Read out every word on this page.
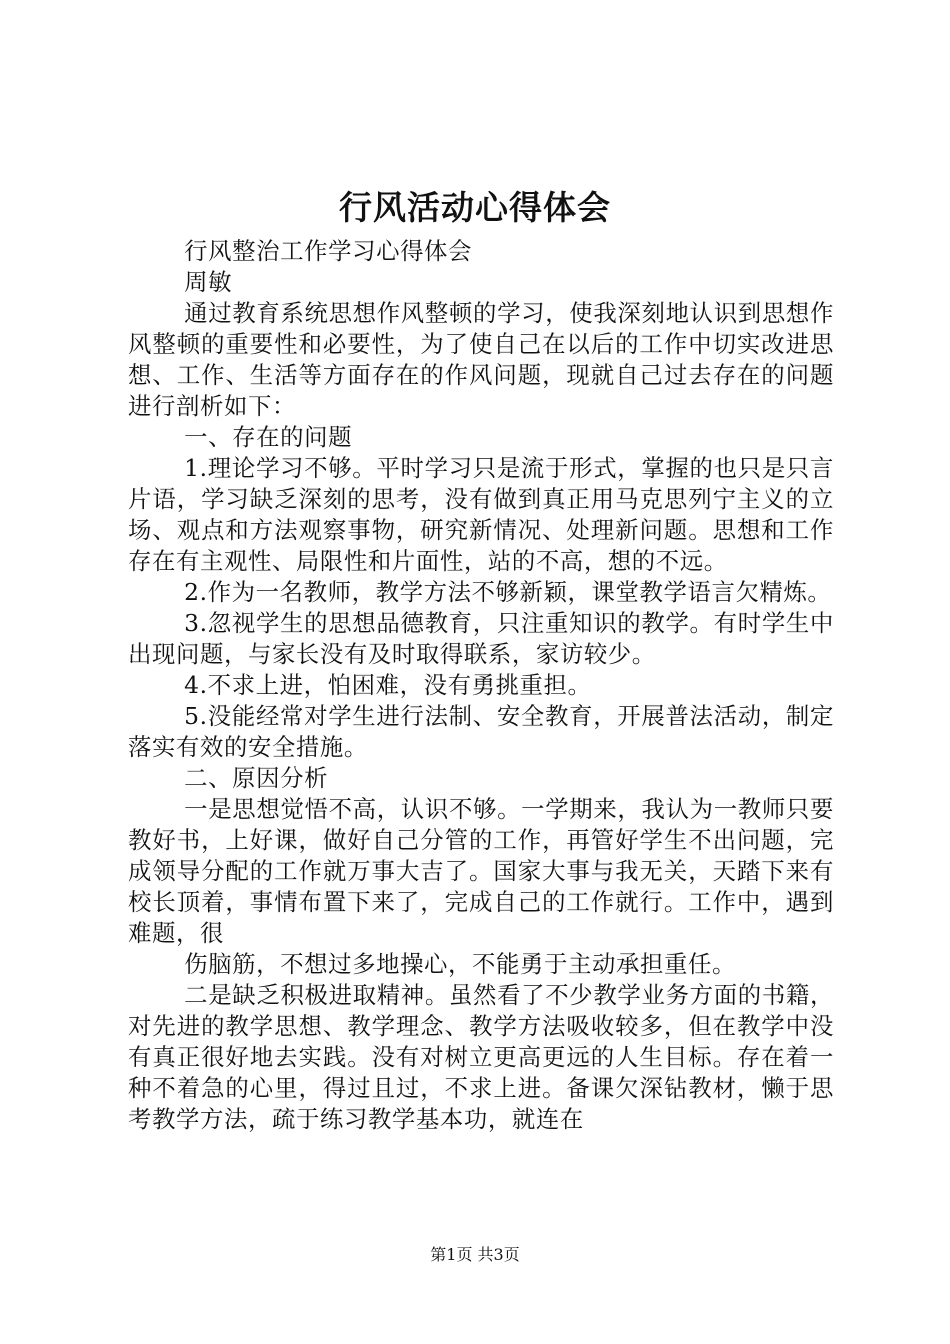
行风活动心得体会

行风整治工作学习心得体会

周敏

通过教育系统思想作风整顿的学习，使我深刻地认识到思想作风整顿的重要性和必要性，为了使自己在以后的工作中切实改进思想、工作、生活等方面存在的作风问题，现就自己过去存在的问题进行剖析如下：

一、存在的问题

1.理论学习不够。平时学习只是流于形式，掌握的也只是只言片语，学习缺乏深刻的思考，没有做到真正用马克思列宁主义的立场、观点和方法观察事物，研究新情况、处理新问题。思想和工作存在有主观性、局限性和片面性，站的不高，想的不远。

2.作为一名教师，教学方法不够新颖，课堂教学语言欠精炼。

3.忽视学生的思想品德教育，只注重知识的教学。有时学生中出现问题，与家长没有及时取得联系，家访较少。

4.不求上进，怕困难，没有勇挑重担。

5.没能经常对学生进行法制、安全教育，开展普法活动，制定落实有效的安全措施。

二、原因分析

一是思想觉悟不高，认识不够。一学期来，我认为一教师只要教好书，上好课，做好自己分管的工作，再管好学生不出问题，完成领导分配的工作就万事大吉了。国家大事与我无关，天踏下来有校长顶着，事情布置下来了，完成自己的工作就行。工作中，遇到难题，很

伤脑筋，不想过多地操心，不能勇于主动承担重任。

二是缺乏积极进取精神。虽然看了不少教学业务方面的书籍，对先进的教学思想、教学理念、教学方法吸收较多，但在教学中没有真正很好地去实践。没有对树立更高更远的人生目标。存在着一种不着急的心里，得过且过，不求上进。备课欠深钻教材，懒于思考教学方法，疏于练习教学基本功，就连在

第1页 共3页
